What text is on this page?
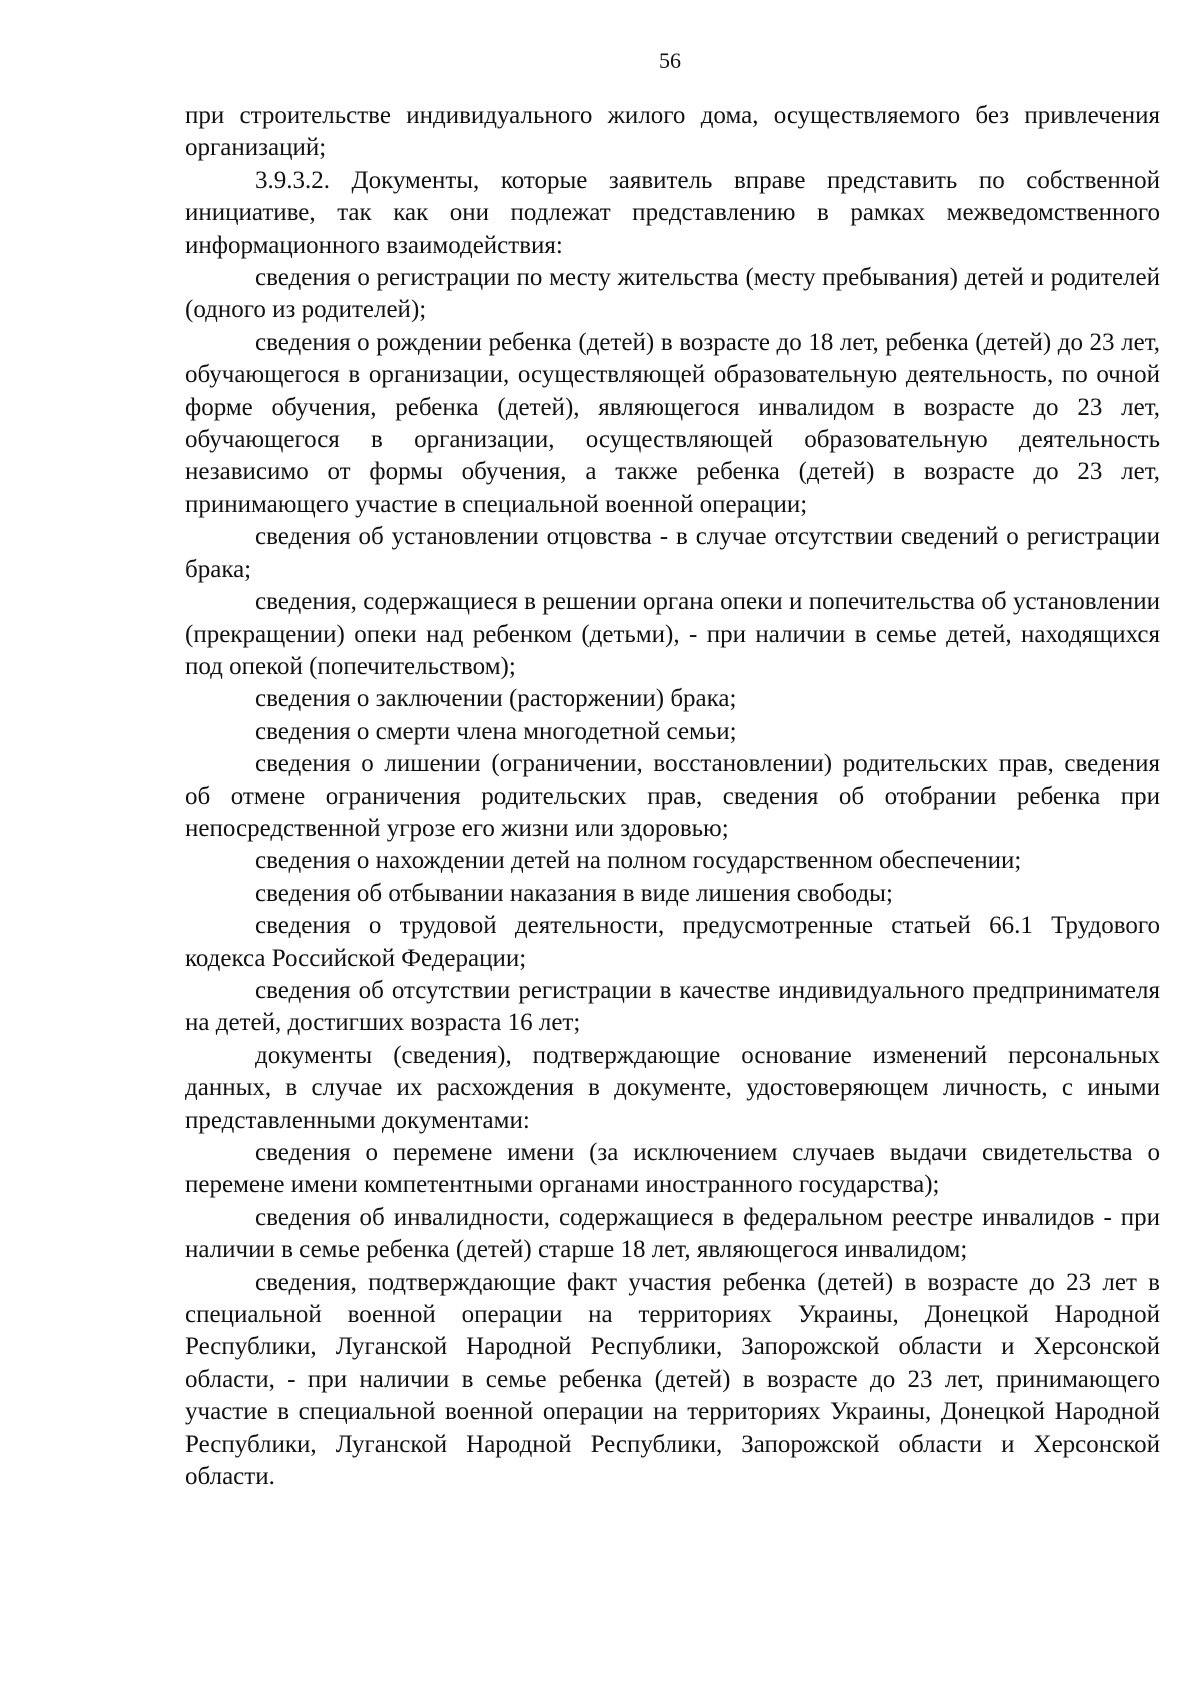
56

при строительстве индивидуального жилого дома, осуществляемого без привлечения организаций;

3.9.3.2. Документы, которые заявитель вправе представить по собственной инициативе, так как они подлежат представлению в рамках межведомственного информационного взаимодействия:

сведения о регистрации по месту жительства (месту пребывания) детей и родителей (одного из родителей);

сведения о рождении ребенка (детей) в возрасте до 18 лет, ребенка (детей) до 23 лет, обучающегося в организации, осуществляющей образовательную деятельность, по очной форме обучения, ребенка (детей), являющегося инвалидом в возрасте до 23 лет, обучающегося в организации, осуществляющей образовательную деятельность независимо от формы обучения, а также ребенка (детей) в возрасте до 23 лет, принимающего участие в специальной военной операции;

сведения об установлении отцовства - в случае отсутствии сведений о регистрации брака;

сведения, содержащиеся в решении органа опеки и попечительства об установлении (прекращении) опеки над ребенком (детьми), - при наличии в семье детей, находящихся под опекой (попечительством);

сведения о заключении (расторжении) брака;

сведения о смерти члена многодетной семьи;

сведения о лишении (ограничении, восстановлении) родительских прав, сведения об отмене ограничения родительских прав, сведения об отобрании ребенка при непосредственной угрозе его жизни или здоровью;

сведения о нахождении детей на полном государственном обеспечении;

сведения об отбывании наказания в виде лишения свободы;

сведения о трудовой деятельности, предусмотренные статьей 66.1 Трудового кодекса Российской Федерации;

сведения об отсутствии регистрации в качестве индивидуального предпринимателя на детей, достигших возраста 16 лет;

документы (сведения), подтверждающие основание изменений персональных данных, в случае их расхождения в документе, удостоверяющем личность, с иными представленными документами:

сведения о перемене имени (за исключением случаев выдачи свидетельства о перемене имени компетентными органами иностранного государства);

сведения об инвалидности, содержащиеся в федеральном реестре инвалидов - при наличии в семье ребенка (детей) старше 18 лет, являющегося инвалидом;

сведения, подтверждающие факт участия ребенка (детей) в возрасте до 23 лет в специальной военной операции на территориях Украины, Донецкой Народной Республики, Луганской Народной Республики, Запорожской области и Херсонской области, - при наличии в семье ребенка (детей) в возрасте до 23 лет, принимающего участие в специальной военной операции на территориях Украины, Донецкой Народной Республики, Луганской Народной Республики, Запорожской области и Херсонской области.
